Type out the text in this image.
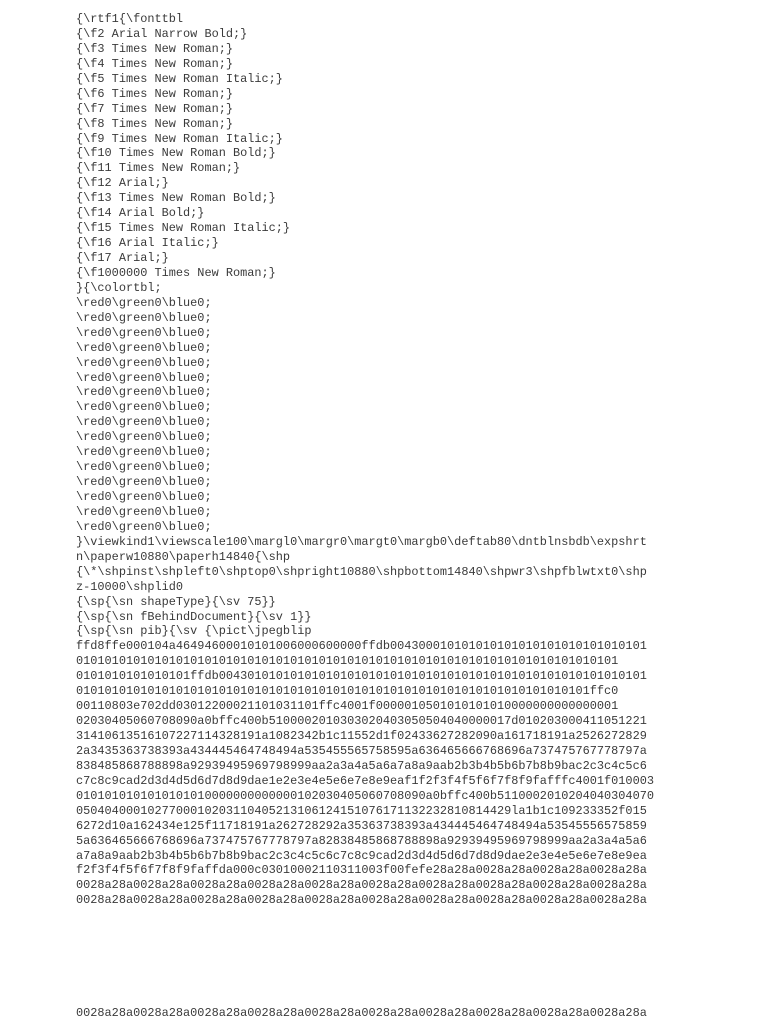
{\rtf1{\fonttbl
{\f2 Arial Narrow Bold;}
{\f3 Times New Roman;}
{\f4 Times New Roman;}
{\f5 Times New Roman Italic;}
{\f6 Times New Roman;}
{\f7 Times New Roman;}
{\f8 Times New Roman;}
{\f9 Times New Roman Italic;}
{\f10 Times New Roman Bold;}
{\f11 Times New Roman;}
{\f12 Arial;}
{\f13 Times New Roman Bold;}
{\f14 Arial Bold;}
{\f15 Times New Roman Italic;}
{\f16 Arial Italic;}
{\f17 Arial;}
{\f1000000 Times New Roman;}
}{\colortbl;
\red0\green0\blue0;
\red0\green0\blue0;
\red0\green0\blue0;
\red0\green0\blue0;
\red0\green0\blue0;
\red0\green0\blue0;
\red0\green0\blue0;
\red0\green0\blue0;
\red0\green0\blue0;
\red0\green0\blue0;
\red0\green0\blue0;
\red0\green0\blue0;
\red0\green0\blue0;
\red0\green0\blue0;
\red0\green0\blue0;
\red0\green0\blue0;
}\viewkind1\viewscale100\margl0\margr0\margt0\margb0\deftab80\dntblnsbdb\expshrt
n\paperw10880\paperh14840{\shp
{\*\shpinst\shpleft0\shptop0\shpright10880\shpbottom14840\shpwr3\shpfblwtxt0\shp
z-10000\shplid0
{\sp{\sn shapeType}{\sv 75}}
{\sp{\sn fBehindDocument}{\sv 1}}
{\sp{\sn pib}{\sv {\pict\jpegblip
ffd8ffe000104a46494600010101006000600000ffdb004300010101010101010101010101010101
0101010101010101010101010101010101010101010101010101010101010101010101010101
0101010101010101ffdb004301010101010101010101010101010101010101010101010101010101
010101010101010101010101010101010101010101010101010101010101010101010101ffc0
00110803e702dd03012200021101031101ffc4001f0000010501010101010000000000000001
02030405060708090a0bffc400b5100002010303020403050504040000017d010203000411051221
31410613516107227114328191a1082342b1c11552d1f02433627282090a161718191a2526272829
2a3435363738393a434445464748494a535455565758595a636465666768696a737475767778797a
838485868788898a92939495969798999aa2a3a4a5a6a7a8a9aab2b3b4b5b6b7b8b9bac2c3c4c5c6
c7c8c9cad2d3d4d5d6d7d8d9dae1e2e3e4e5e6e7e8e9eaf1f2f3f4f5f6f7f8f9fafffc4001f010003
0101010101010101010000000000000102030405060708090a0bffc400b5110002010204040304070
0504040001027700010203110405213106124151076171132232810814429la1b1c109233352f015
6272d10a162434e125f11718191a262728292a35363738393a434445464748494a53545556575859
5a636465666768696a737475767778797a82838485868788898a92939495969798999aa2a3a4a5a6
a7a8a9aab2b3b4b5b6b7b8b9bac2c3c4c5c6c7c8c9cad2d3d4d5d6d7d8d9dae2e3e4e5e6e7e8e9ea
f2f3f4f5f6f7f8f9faffda000c03010002110311003f00fefe28a28a0028a28a0028a28a0028a28a
0028a28a0028a28a0028a28a0028a28a0028a28a0028a28a0028a28a0028a28a0028a28a0028a28a
0028a28a0028a28a0028a28a0028a28a0028a28a0028a28a0028a28a0028a28a0028a28a0028a28a
0028a28a0028a28a0028a28a0028a28a0028a28a0028a28a0028a28a0028a28a0028a28a0028a28a
